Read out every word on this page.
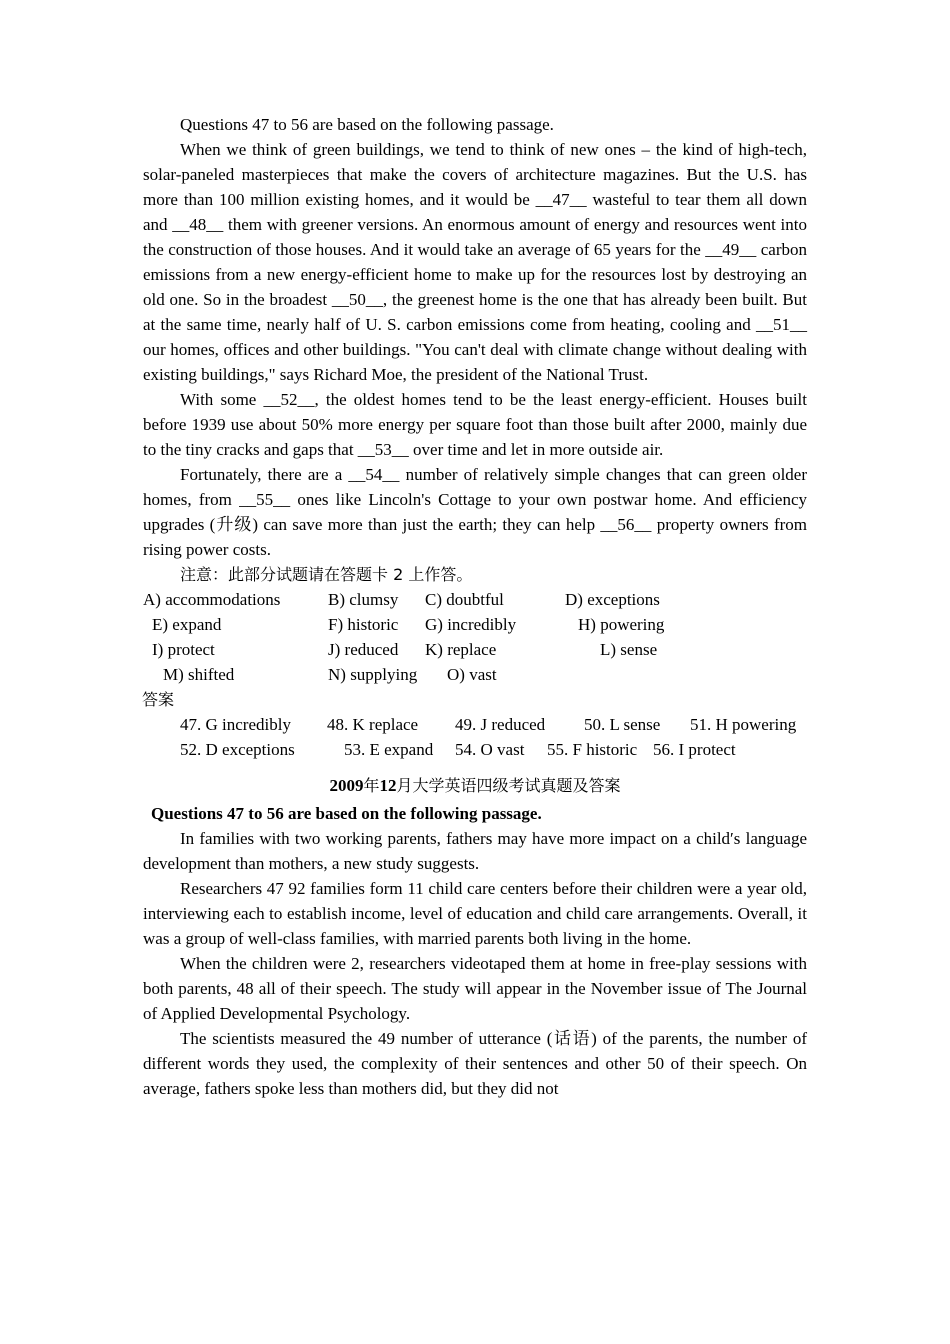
Questions 47 to 56 are based on the following passage.

When we think of green buildings, we tend to think of new ones – the kind of high-tech, solar-paneled masterpieces that make the covers of architecture magazines. But the U.S. has more than 100 million existing homes, and it would be __47__ wasteful to tear them all down and __48__ them with greener versions. An enormous amount of energy and resources went into the construction of those houses. And it would take an average of 65 years for the __49__ carbon emissions from a new energy-efficient home to make up for the resources lost by destroying an old one. So in the broadest __50__, the greenest home is the one that has already been built. But at the same time, nearly half of U. S. carbon emissions come from heating, cooling and __51__ our homes, offices and other buildings. "You can't deal with climate change without dealing with existing buildings," says Richard Moe, the president of the National Trust.

With some __52__, the oldest homes tend to be the least energy-efficient. Houses built before 1939 use about 50% more energy per square foot than those built after 2000, mainly due to the tiny cracks and gaps that __53__ over time and let in more outside air.

Fortunately, there are a __54__ number of relatively simple changes that can green older homes, from __55__ ones like Lincoln's Cottage to your own postwar home. And efficiency upgrades (升级) can save more than just the earth; they can help __56__ property owners from rising power costs.

注意：此部分试题请在答题卡 2 上作答。

A) accommodations	B) clumsy C) doubtful	D) exceptions
E) expand	F) historic G) incredibly	H) powering
I) protect	J) reduced K) replace	L) sense
M) shifted	N) supplying O) vast

答案

47. G incredibly 48. K replace 49. J reduced 50. L sense 51. H powering
52. D exceptions	53. E expand 54. O vast 55. F historic 56. I protect

2009年12月大学英语四级考试真题及答案

Questions 47 to 56 are based on the following passage.

In families with two working parents, fathers may have more impact on a childʹs language development than mothers, a new study suggests.

Researchers 47 92 families form 11 child care centers before their children were a year old, interviewing each to establish income, level of education and child care arrangements. Overall, it was a group of well-class families, with married parents both living in the home.

When the children were 2, researchers videotaped them at home in free-play sessions with both parents, 48 all of their speech. The study will appear in the November issue of The Journal of Applied Developmental Psychology.

The scientists measured the 49 number of utterance (话语) of the parents, the number of different words they used, the complexity of their sentences and other 50 of their speech. On average, fathers spoke less than mothers did, but they did not
